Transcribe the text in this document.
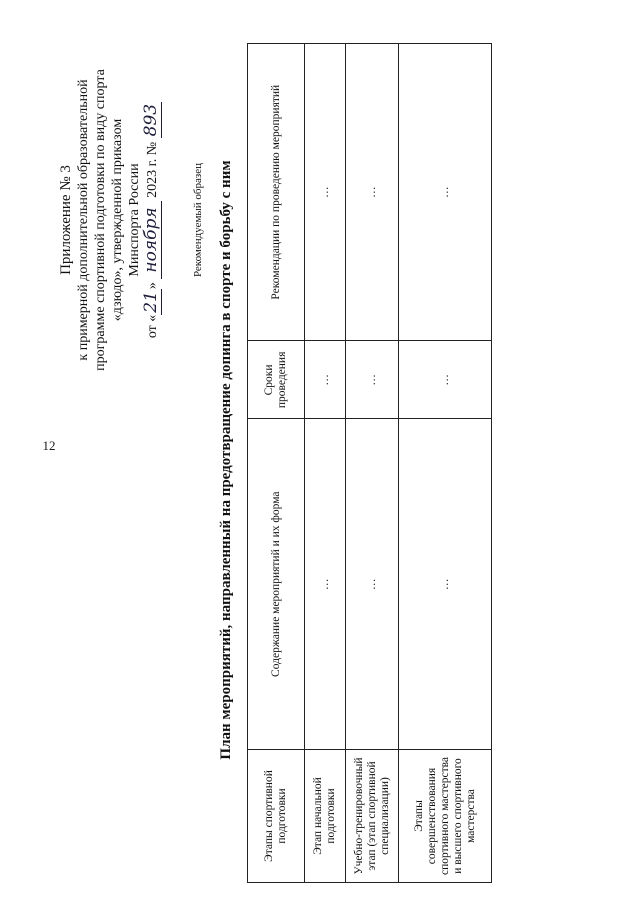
12
Приложение № 3 к примерной дополнительной образовательной программе спортивной подготовки по виду спорта «дзюдо», утвержденной приказом Минспорта России
от «21» ноября 2023 г. № 893
Рекомендуемый образец План мероприятий, направленный на предотвращение допинга в спорте и борьбу с ним
Этапы спортивной подготовки	Содержание мероприятий и их форма	Сроки проведения	Рекомендации по проведению мероприятий
Этап начальной подготовки	…	…	…
Учебно-тренировочный этап (этап спортивной специализации)	…	…	…
Этапы совершенствования спортивного мастерства и высшего спортивного мастерства	…	…	…
